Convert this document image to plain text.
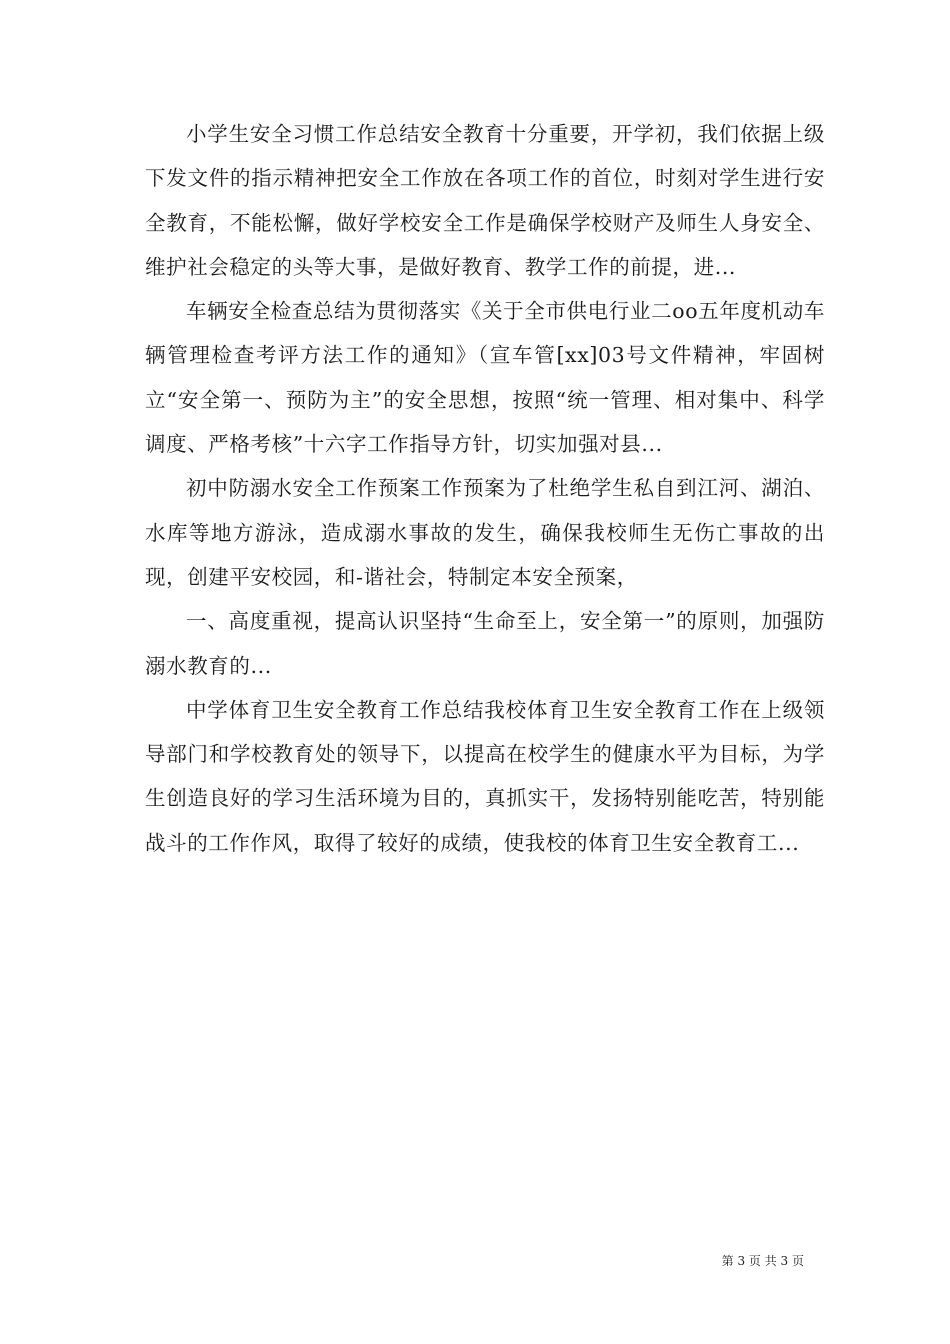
小学生安全习惯工作总结安全教育十分重要，开学初，我们依据上级下发文件的指示精神把安全工作放在各项工作的首位，时刻对学生进行安全教育，不能松懈，做好学校安全工作是确保学校财产及师生人身安全、维护社会稳定的头等大事，是做好教育、教学工作的前提，进...

车辆安全检查总结为贯彻落实《关于全市供电行业二oo五年度机动车辆管理检查考评方法工作的通知》（宣车管[xx]03号文件精神，牢固树立“安全第一、预防为主”的安全思想，按照“统一管理、相对集中、科学调度、严格考核”十六字工作指导方针，切实加强对县...

初中防溺水安全工作预案工作预案为了杜绝学生私自到江河、湖泊、水库等地方游泳，造成溺水事故的发生，确保我校师生无伤亡事故的出现，创建平安校园，和-谐社会，特制定本安全预案，

一、高度重视，提高认识坚持“生命至上，安全第一”的原则，加强防溺水教育的...

中学体育卫生安全教育工作总结我校体育卫生安全教育工作在上级领导部门和学校教育处的领导下，以提高在校学生的健康水平为目标，为学生创造良好的学习生活环境为目的，真抓实干，发扬特别能吃苦，特别能战斗的工作作风，取得了较好的成绩，使我校的体育卫生安全教育工...

第 3 页 共 3 页
